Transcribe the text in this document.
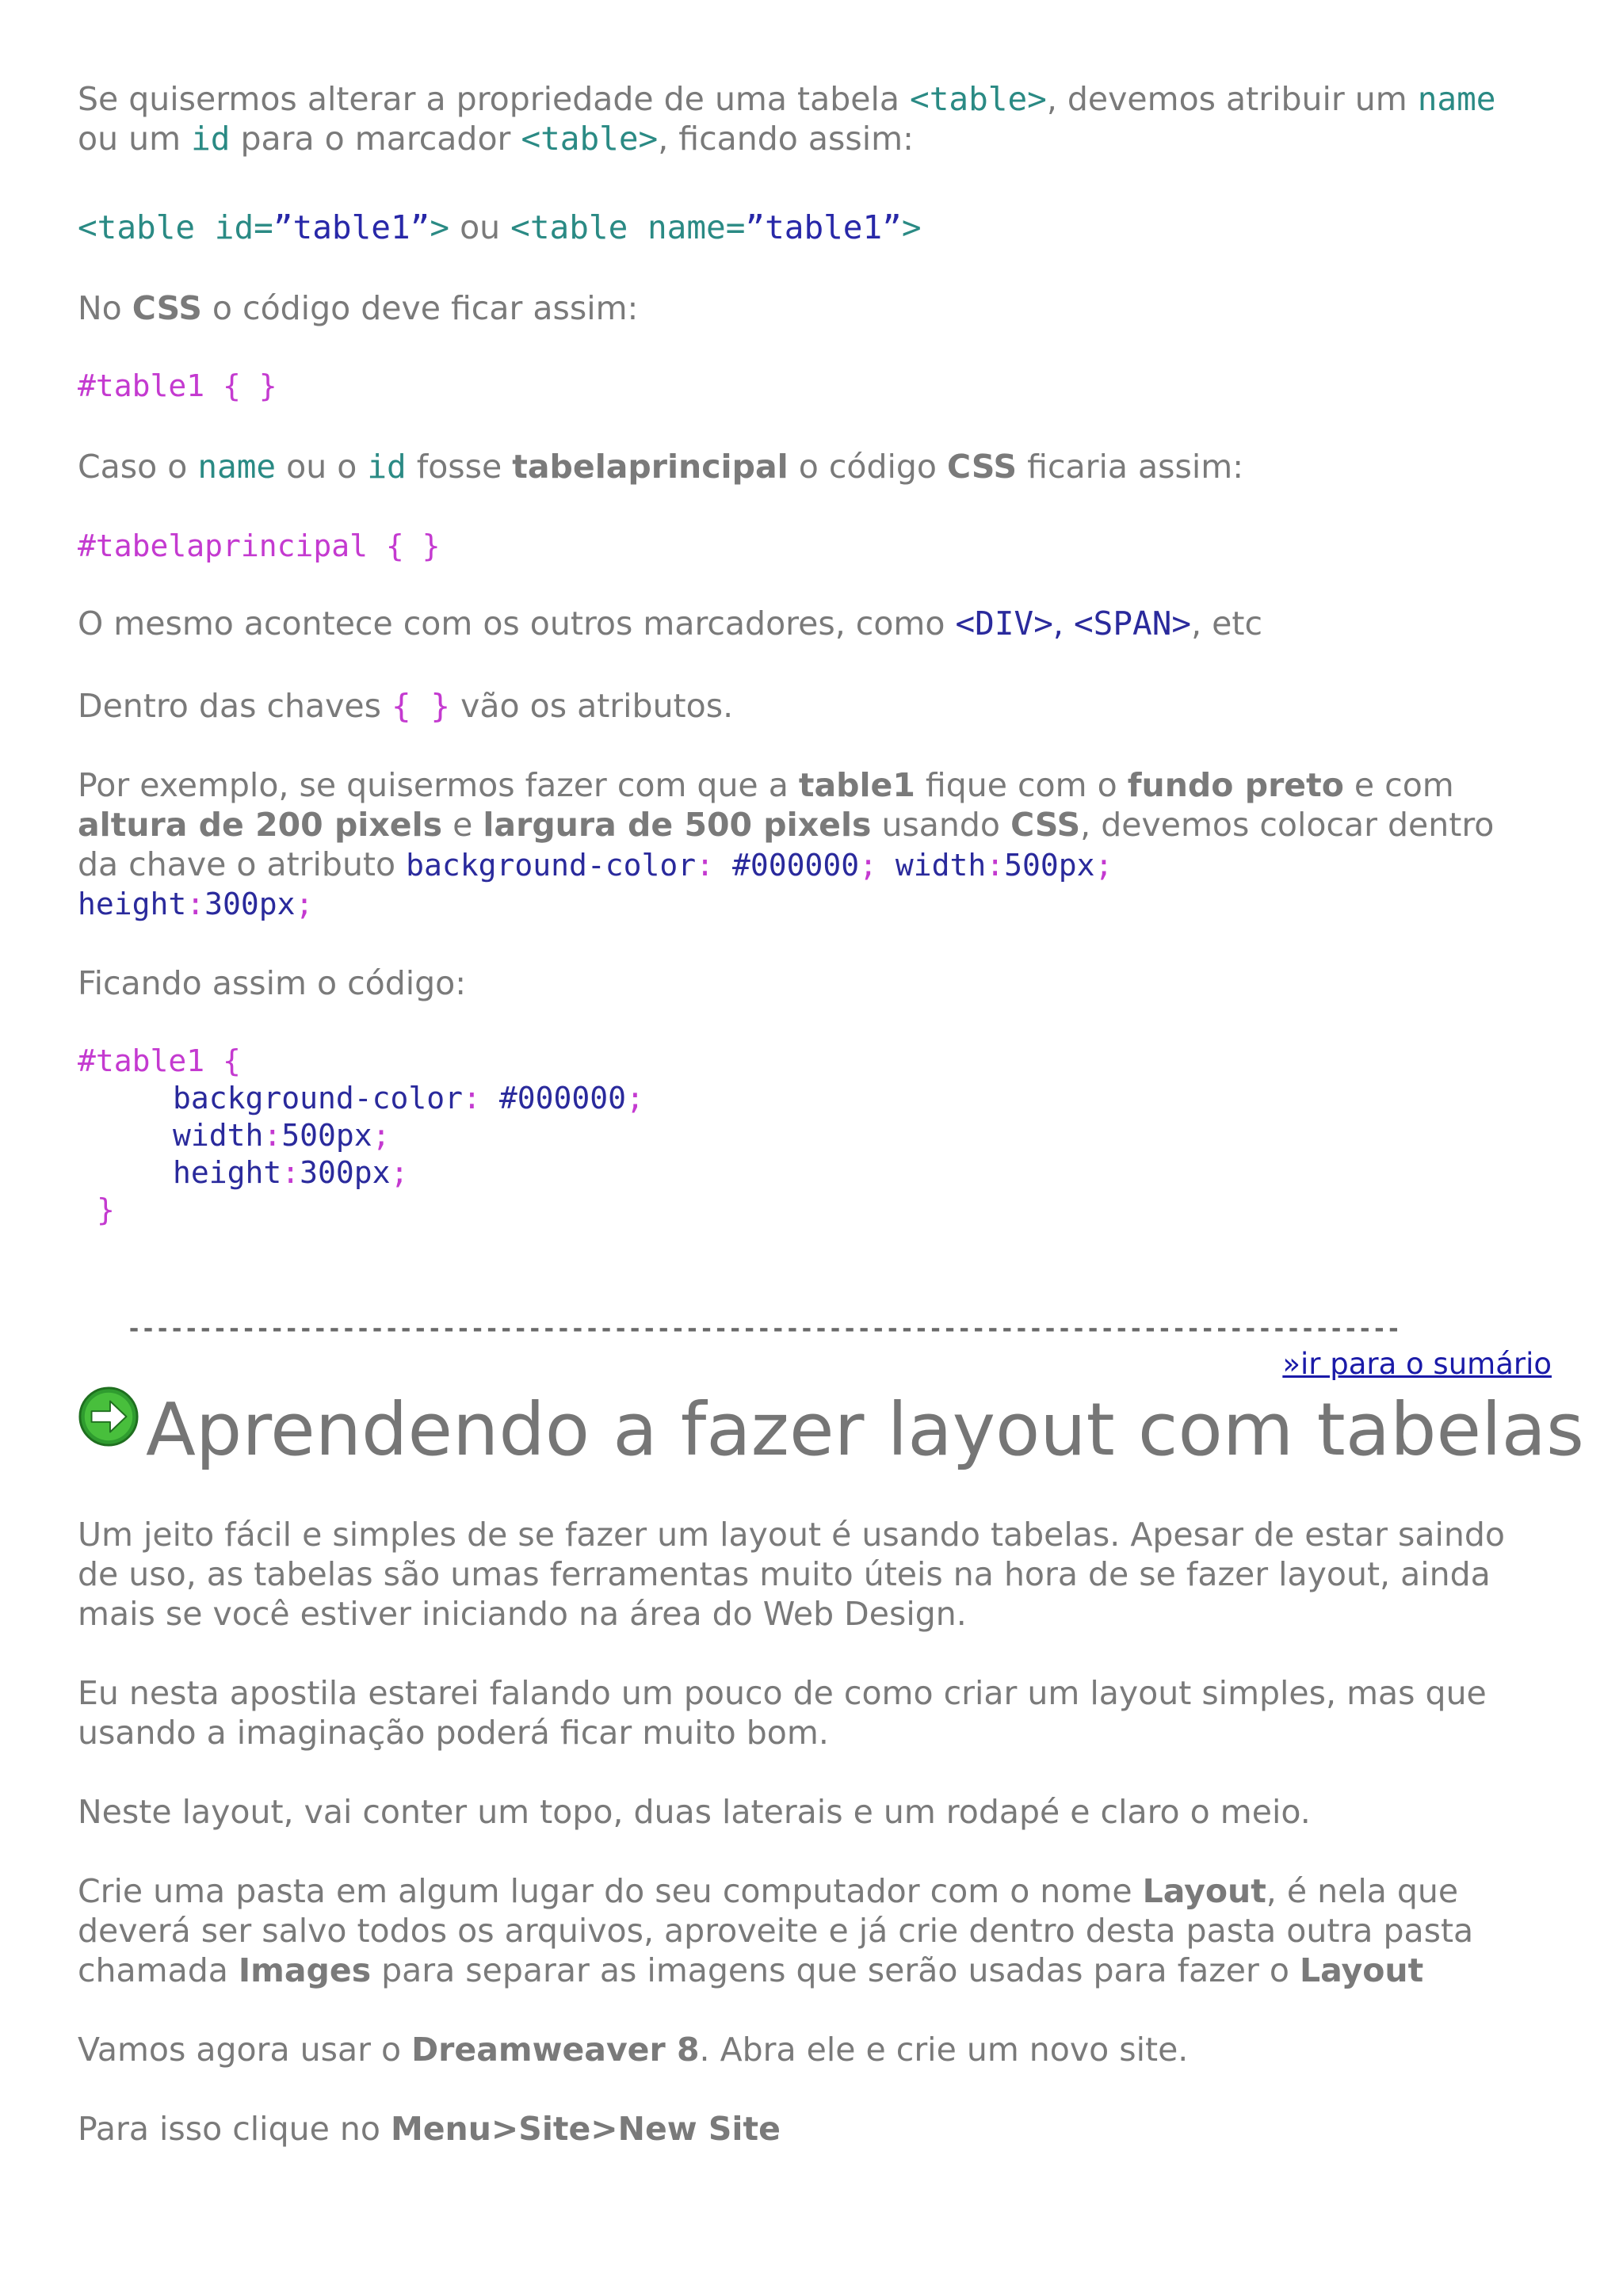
Se quisermos alterar a propriedade de uma tabela <table>, devemos atribuir um name
ou um id para o marcador <table>, ficando assim:
<table id=”table1”> ou <table name=”table1”>
No CSS o código deve ficar assim:
#table1 { }
Caso o name ou o id fosse tabelaprincipal o código CSS ficaria assim:
#tabelaprincipal { }
O mesmo acontece com os outros marcadores, como <DIV>, <SPAN>, etc
Dentro das chaves { } vão os atributos.
Por exemplo, se quisermos fazer com que a table1 fique com o fundo preto e com
altura de 200 pixels e largura de 500 pixels usando CSS, devemos colocar dentro
da chave o atributo background-color: #000000; width:500px;
height:300px;
Ficando assim o código:
#table1 {
background-color: #000000;
width:500px;
height:300px;
}
-----------------------------------------------------------------------------------------
»ir para o sumário
Aprendendo a fazer layout com tabelas
Um jeito fácil e simples de se fazer um layout é usando tabelas. Apesar de estar saindo
de uso, as tabelas são umas ferramentas muito úteis na hora de se fazer layout, ainda
mais se você estiver iniciando na área do Web Design.
Eu nesta apostila estarei falando um pouco de como criar um layout simples, mas que
usando a imaginação poderá ficar muito bom.
Neste layout, vai conter um topo, duas laterais e um rodapé e claro o meio.
Crie uma pasta em algum lugar do seu computador com o nome Layout, é nela que
deverá ser salvo todos os arquivos, aproveite e já crie dentro desta pasta outra pasta
chamada Images para separar as imagens que serão usadas para fazer o Layout
Vamos agora usar o Dreamweaver 8. Abra ele e crie um novo site.
Para isso clique no Menu>Site>New Site
